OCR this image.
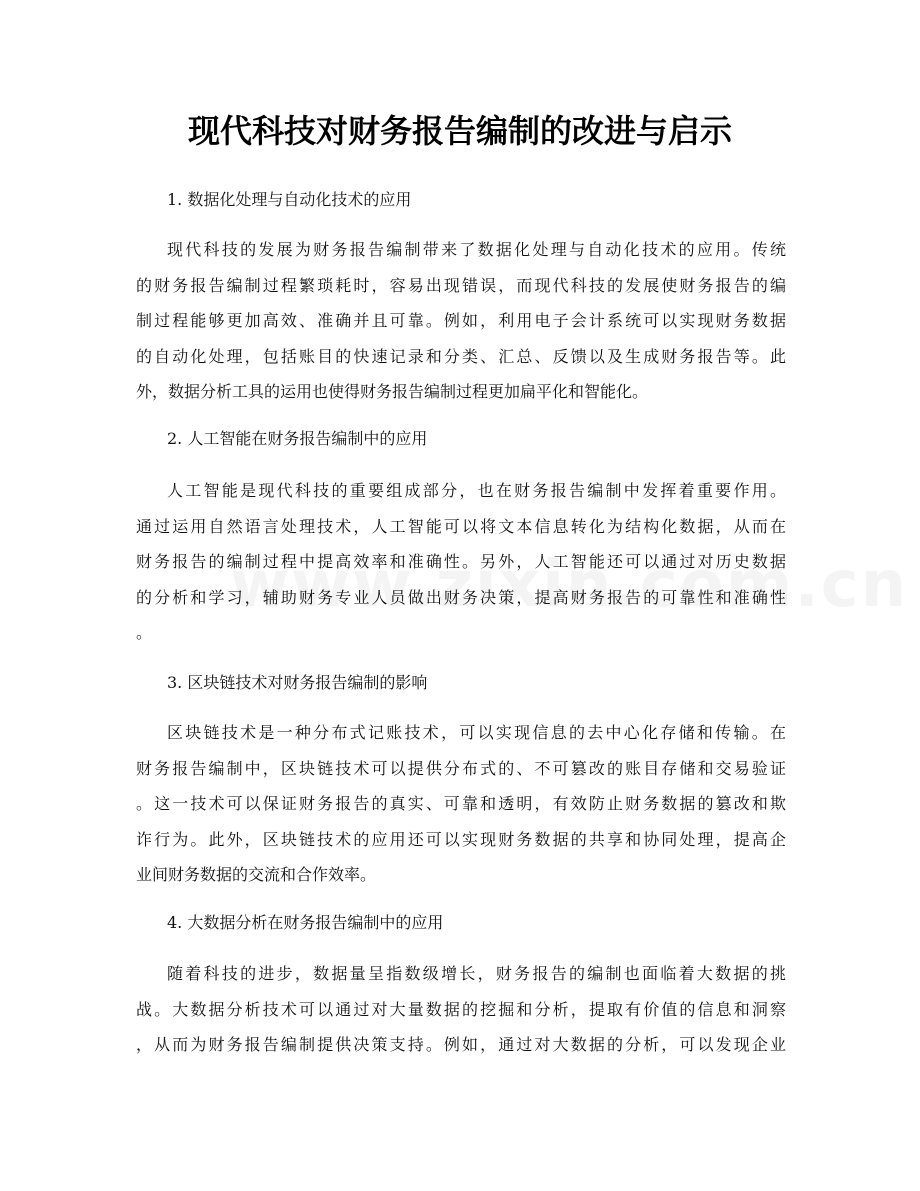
现代科技对财务报告编制的改进与启示
1. 数据化处理与自动化技术的应用
现代科技的发展为财务报告编制带来了数据化处理与自动化技术的应用。传统
的财务报告编制过程繁琐耗时，容易出现错误，而现代科技的发展使财务报告的编
制过程能够更加高效、准确并且可靠。例如，利用电子会计系统可以实现财务数据
的自动化处理，包括账目的快速记录和分类、汇总、反馈以及生成财务报告等。此
外，数据分析工具的运用也使得财务报告编制过程更加扁平化和智能化。
2. 人工智能在财务报告编制中的应用
人工智能是现代科技的重要组成部分，也在财务报告编制中发挥着重要作用。
通过运用自然语言处理技术，人工智能可以将文本信息转化为结构化数据，从而在
财务报告的编制过程中提高效率和准确性。另外，人工智能还可以通过对历史数据
的分析和学习，辅助财务专业人员做出财务决策，提高财务报告的可靠性和准确性
。
3. 区块链技术对财务报告编制的影响
区块链技术是一种分布式记账技术，可以实现信息的去中心化存储和传输。在
财务报告编制中，区块链技术可以提供分布式的、不可篡改的账目存储和交易验证
。这一技术可以保证财务报告的真实、可靠和透明，有效防止财务数据的篡改和欺
诈行为。此外，区块链技术的应用还可以实现财务数据的共享和协同处理，提高企
业间财务数据的交流和合作效率。
4. 大数据分析在财务报告编制中的应用
随着科技的进步，数据量呈指数级增长，财务报告的编制也面临着大数据的挑
战。大数据分析技术可以通过对大量数据的挖掘和分析，提取有价值的信息和洞察
，从而为财务报告编制提供决策支持。例如，通过对大数据的分析，可以发现企业
